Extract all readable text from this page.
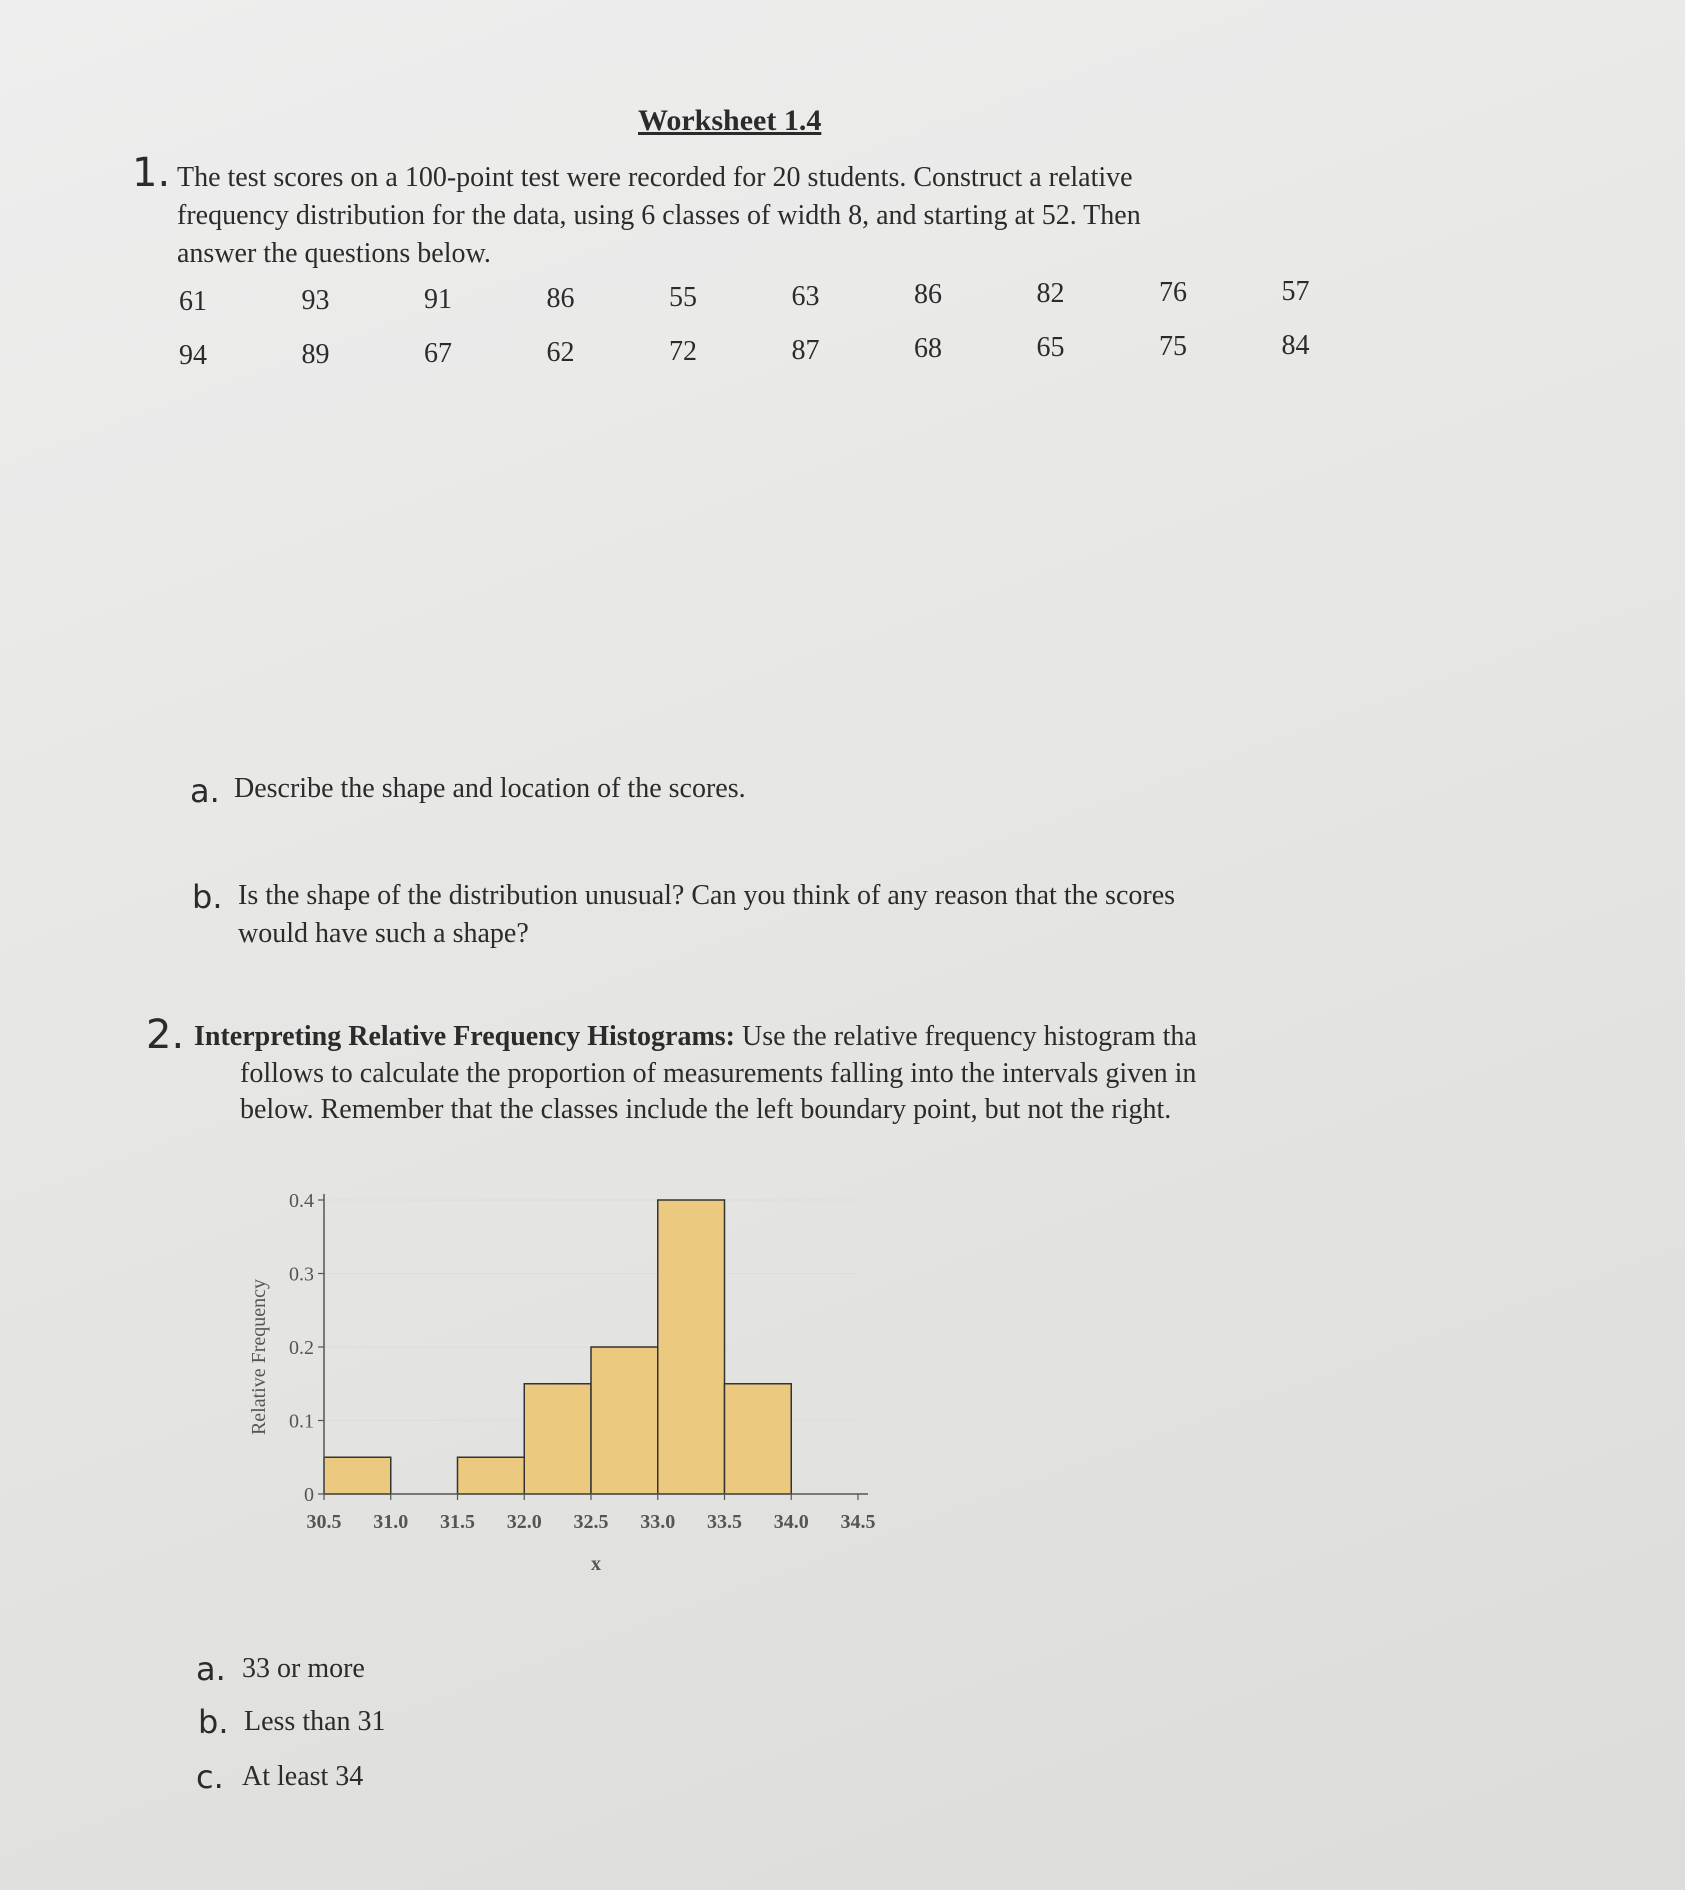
Worksheet 1.4
1. The test scores on a 100-point test were recorded for 20 students. Construct a relative
frequency distribution for the data, using 6 classes of width 8, and starting at 52. Then
answer the questions below.
61	93	91	86	55	63	86	82	76	57
94	89	67	62	72	87	68	65	75	84
a. Describe the shape and location of the scores.
b. Is the shape of the distribution unusual? Can you think of any reason that the scores
would have such a shape?
2. Interpreting Relative Frequency Histograms: Use the relative frequency histogram tha
follows to calculate the proportion of measurements falling into the intervals given in
below. Remember that the classes include the left boundary point, but not the right.
0
0.1
0.2
0.3
0.4
30.5 31.0 31.5 32.0 32.5 33.0 33.5 34.0 34.5
Relative Frequency
x
a. 33 or more
b. Less than 31
c. At least 34
